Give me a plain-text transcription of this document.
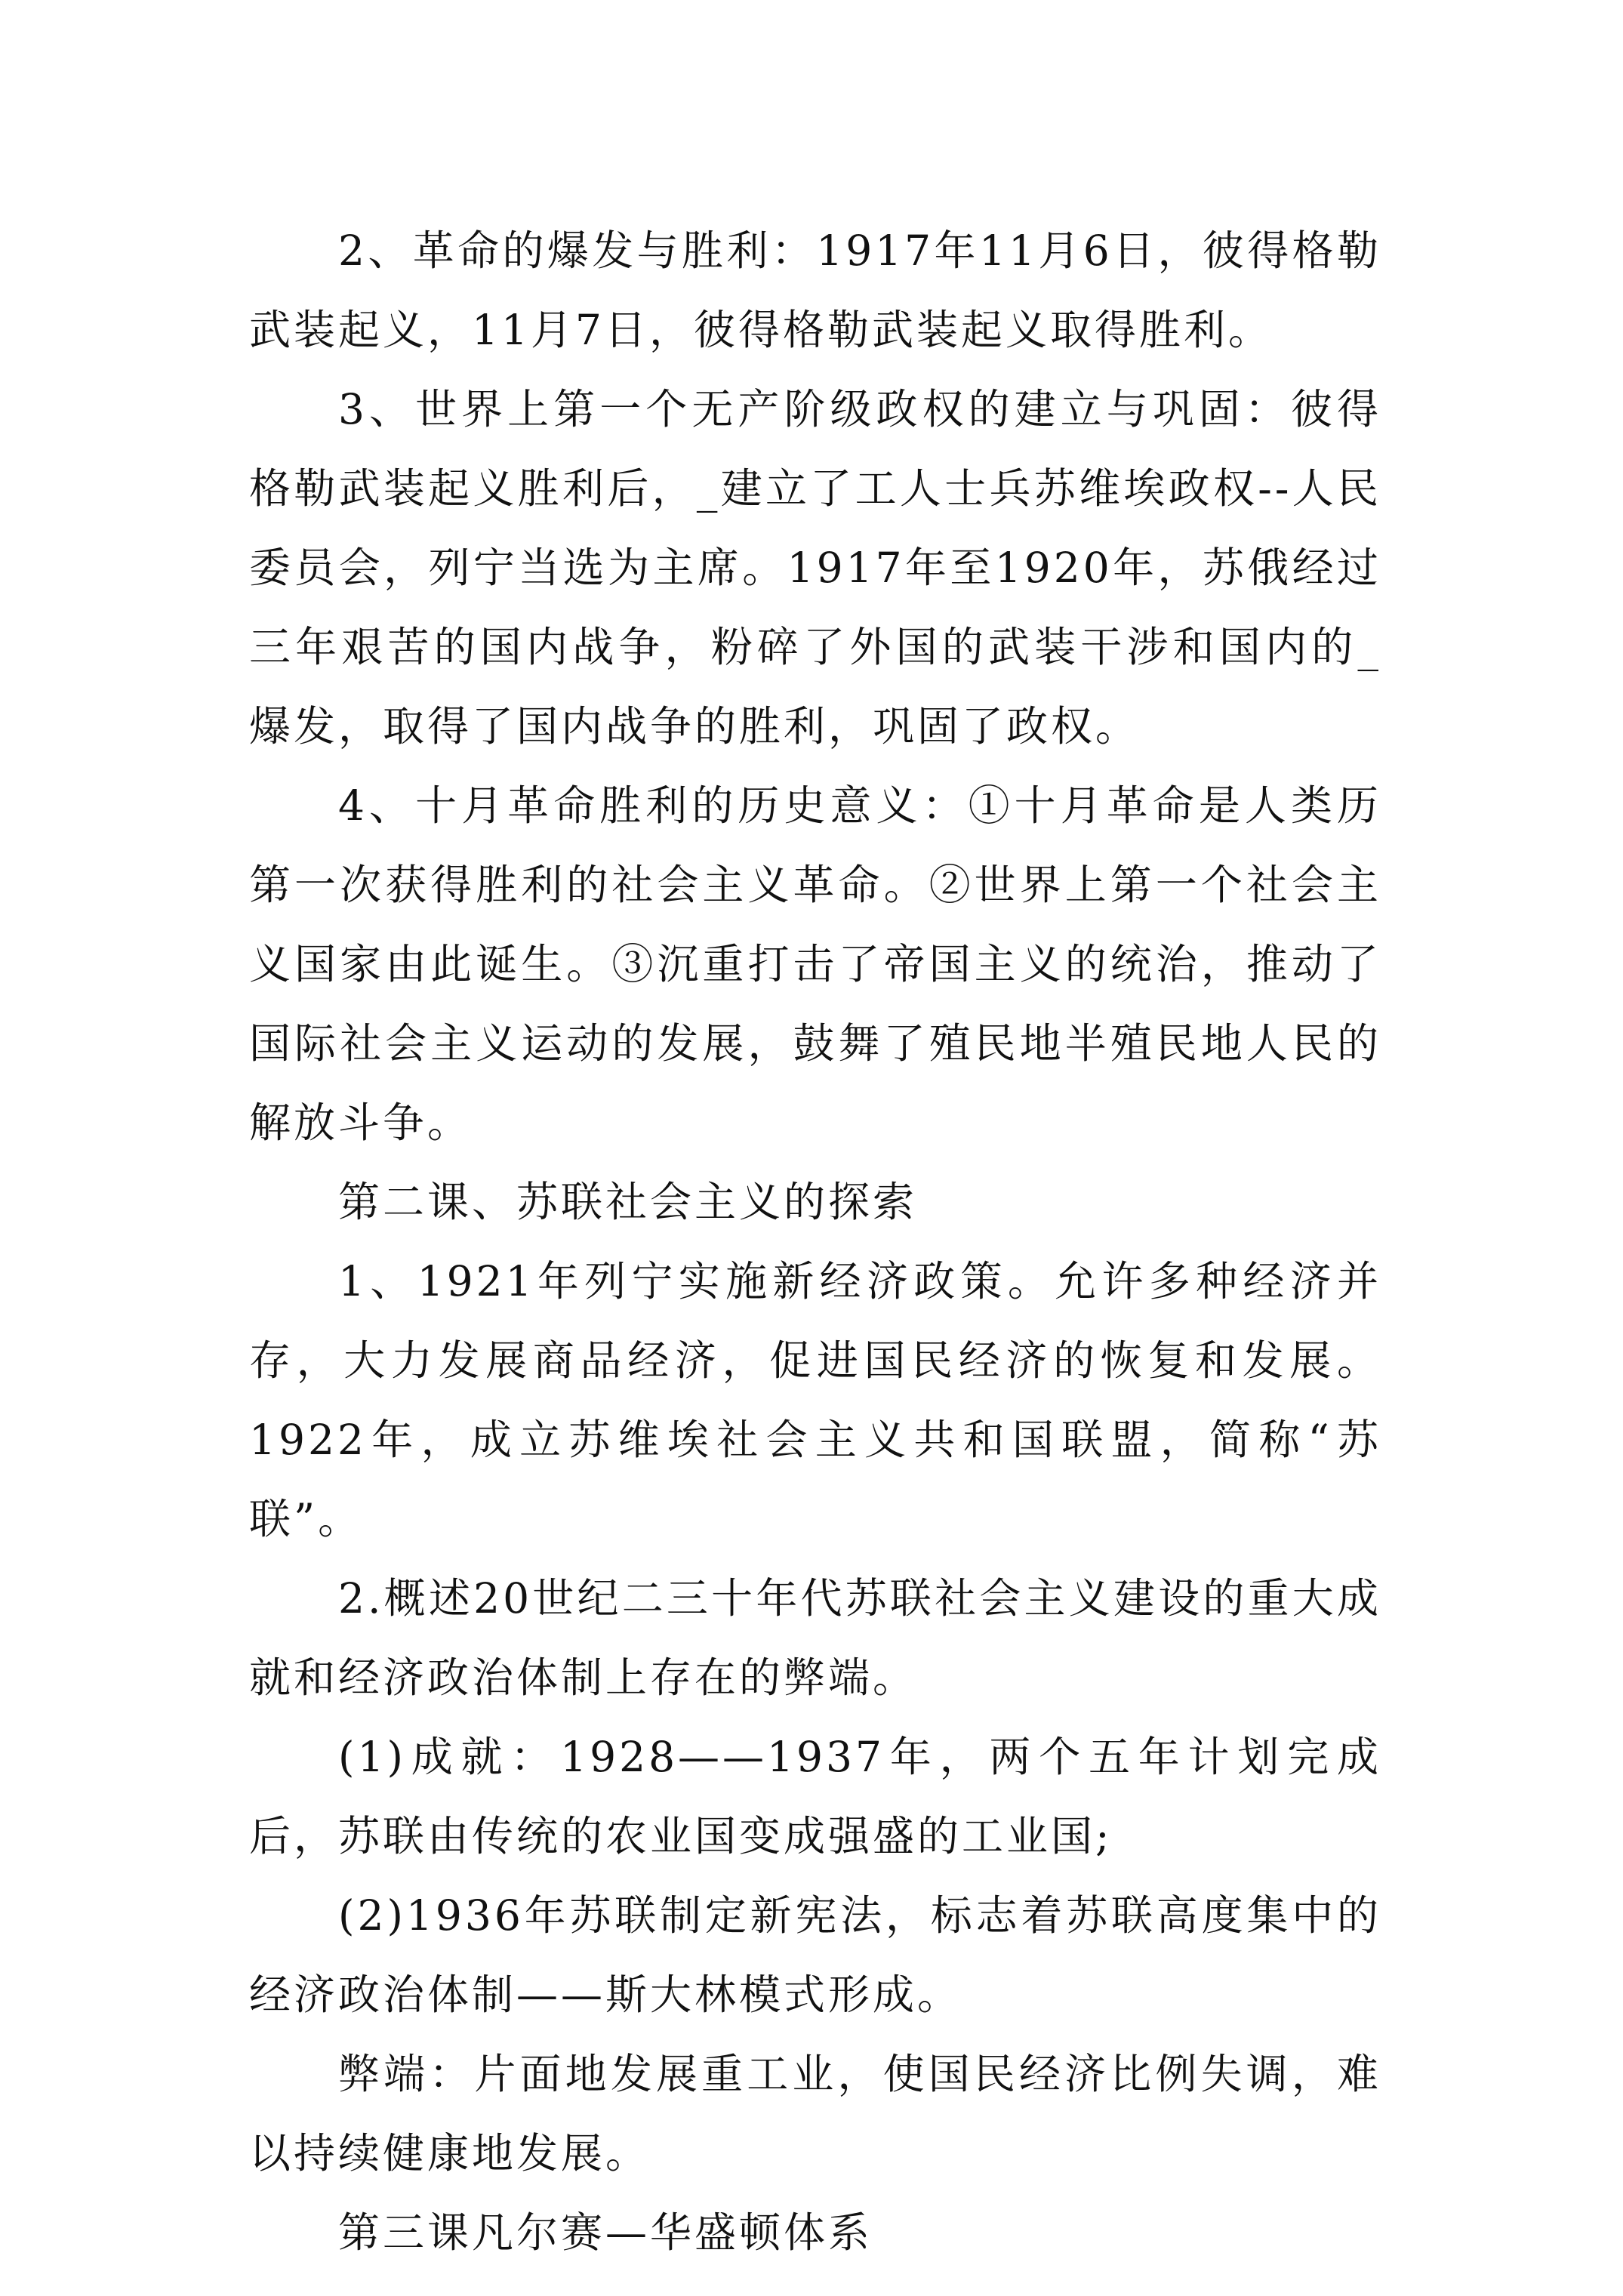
2、革命的爆发与胜利：1917年11月6日，彼得格勒武装起义，11月7日，彼得格勒武装起义取得胜利。

3、世界上第一个无产阶级政权的建立与巩固：彼得格勒武装起义胜利后，_建立了工人士兵苏维埃政权--人民委员会，列宁当选为主席。1917年至1920年，苏俄经过三年艰苦的国内战争，粉碎了外国的武装干涉和国内的_爆发，取得了国内战争的胜利，巩固了政权。

4、十月革命胜利的历史意义：①十月革命是人类历第一次获得胜利的社会主义革命。②世界上第一个社会主义国家由此诞生。③沉重打击了帝国主义的统治，推动了国际社会主义运动的发展，鼓舞了殖民地半殖民地人民的解放斗争。

第二课、苏联社会主义的探索

1、1921年列宁实施新经济政策。允许多种经济并存，大力发展商品经济，促进国民经济的恢复和发展。1922年，成立苏维埃社会主义共和国联盟，简称“苏联”。

2.概述20世纪二三十年代苏联社会主义建设的重大成就和经济政治体制上存在的弊端。

(1)成就：1928——1937年，两个五年计划完成后，苏联由传统的农业国变成强盛的工业国;

(2)1936年苏联制定新宪法，标志着苏联高度集中的经济政治体制——斯大林模式形成。

弊端：片面地发展重工业，使国民经济比例失调，难以持续健康地发展。

第三课凡尔赛—华盛顿体系
